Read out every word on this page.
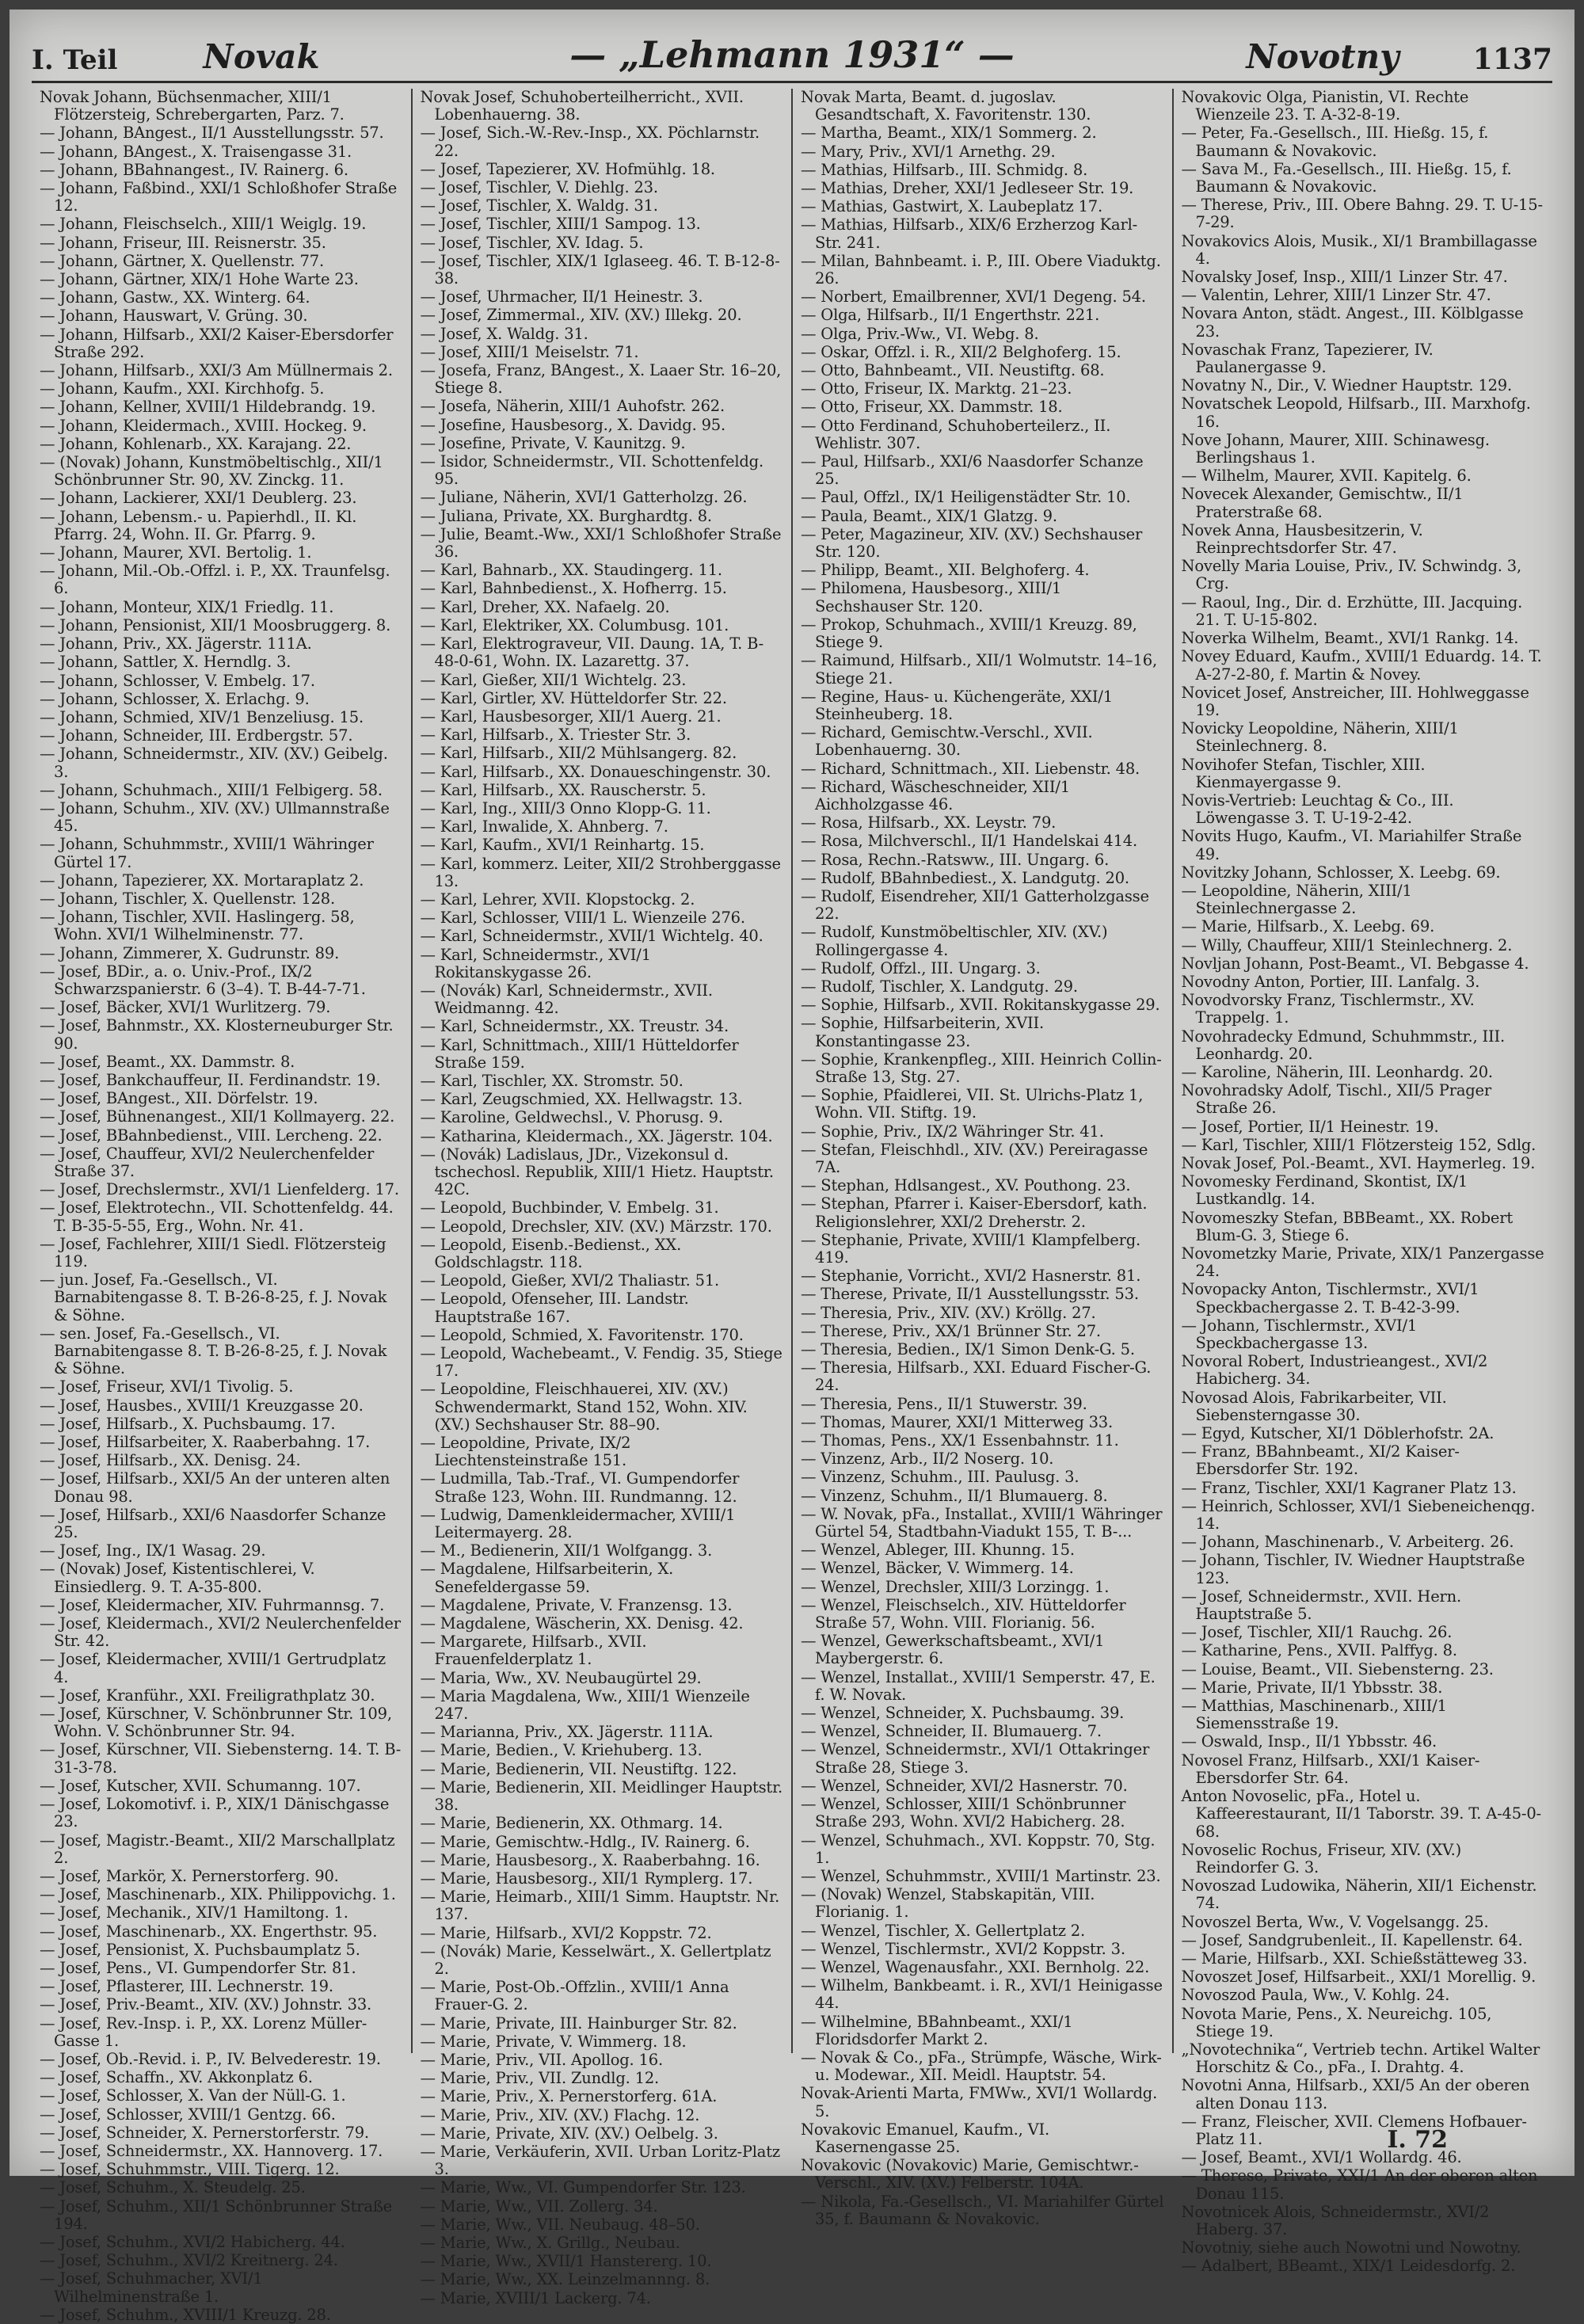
I. Teil	Novak	— „Lehmann 1931“ —	Novotny	1137
Novak Johann, Büchsenmacher, XIII/1 Flötzersteig, Schrebergarten, Parz. 7.
— Johann, BAngest., II/1 Ausstellungsstr. 57.
— Johann, BAngest., X. Traisengasse 31.
— Johann, BBahnangest., IV. Rainerg. 6.
— Johann, Faßbind., XXI/1 Schloßhofer Straße 12.
— Johann, Fleischselch., XIII/1 Weiglg. 19.
— Johann, Friseur, III. Reisnerstr. 35.
— Johann, Gärtner, X. Quellenstr. 77.
— Johann, Gärtner, XIX/1 Hohe Warte 23.
— Johann, Gastw., XX. Winterg. 64.
— Johann, Hauswart, V. Grüng. 30.
— Johann, Hilfsarb., XXI/2 Kaiser-Ebersdorfer Straße 292.
— Johann, Hilfsarb., XXI/3 Am Müllnermais 2.
— Johann, Kaufm., XXI. Kirchhofg. 5.
— Johann, Kellner, XVIII/1 Hildebrandg. 19.
— Johann, Kleidermach., XVIII. Hockeg. 9.
— Johann, Kohlenarb., XX. Karajang. 22.
— (Novak) Johann, Kunstmöbeltischlg., XII/1 Schönbrunner Str. 90, XV. Zinckg. 11.
— Johann, Lackierer, XXI/1 Deublerg. 23.
— Johann, Lebensm.- u. Papierhdl., II. Kl. Pfarrg. 24, Wohn. II. Gr. Pfarrg. 9.
— Johann, Maurer, XVI. Bertolig. 1.
— Johann, Mil.-Ob.-Offzl. i. P., XX. Traunfelsg. 6.
— Johann, Monteur, XIX/1 Friedlg. 11.
— Johann, Pensionist, XII/1 Moosbruggerg. 8.
— Johann, Priv., XX. Jägerstr. 111A.
— Johann, Sattler, X. Herndlg. 3.
— Johann, Schlosser, V. Embelg. 17.
— Johann, Schlosser, X. Erlachg. 9.
— Johann, Schmied, XIV/1 Benzeliusg. 15.
— Johann, Schneider, III. Erdbergstr. 57.
— Johann, Schneidermstr., XIV. (XV.) Geibelg. 3.
— Johann, Schuhmach., XIII/1 Felbigerg. 58.
— Johann, Schuhm., XIV. (XV.) Ullmannstraße 45.
— Johann, Schuhmmstr., XVIII/1 Währinger Gürtel 17.
— Johann, Tapezierer, XX. Mortaraplatz 2.
— Johann, Tischler, X. Quellenstr. 128.
— Johann, Tischler, XVII. Haslingerg. 58, Wohn. XVI/1 Wilhelminenstr. 77.
— Johann, Zimmerer, X. Gudrunstr. 89.
— Josef, BDir., a. o. Univ.-Prof., IX/2 Schwarzspanierstr. 6 (3–4). T. B-44-7-71.
— Josef, Bäcker, XVI/1 Wurlitzerg. 79.
— Josef, Bahnmstr., XX. Klosterneuburger Str. 90.
— Josef, Beamt., XX. Dammstr. 8.
— Josef, Bankchauffeur, II. Ferdinandstr. 19.
— Josef, BAngest., XII. Dörfelstr. 19.
— Josef, Bühnenangest., XII/1 Kollmayerg. 22.
— Josef, BBahnbedienst., VIII. Lercheng. 22.
— Josef, Chauffeur, XVI/2 Neulerchenfelder Straße 37.
— Josef, Drechslermstr., XVI/1 Lienfelderg. 17.
— Josef, Elektrotechn., VII. Schottenfeldg. 44. T. B-35-5-55, Erg., Wohn. Nr. 41.
— Josef, Fachlehrer, XIII/1 Siedl. Flötzersteig 119.
— jun. Josef, Fa.-Gesellsch., VI. Barnabitengasse 8. T. B-26-8-25, f. J. Novak & Söhne.
— sen. Josef, Fa.-Gesellsch., VI. Barnabitengasse 8. T. B-26-8-25, f. J. Novak & Söhne.
— Josef, Friseur, XVI/1 Tivolig. 5.
— Josef, Hausbes., XVIII/1 Kreuzgasse 20.
— Josef, Hilfsarb., X. Puchsbaumg. 17.
— Josef, Hilfsarbeiter, X. Raaberbahng. 17.
— Josef, Hilfsarb., XX. Denisg. 24.
— Josef, Hilfsarb., XXI/5 An der unteren alten Donau 98.
— Josef, Hilfsarb., XXI/6 Naasdorfer Schanze 25.
— Josef, Ing., IX/1 Wasag. 29.
— (Novak) Josef, Kistentischlerei, V. Einsiedlerg. 9. T. A-35-800.
— Josef, Kleidermacher, XIV. Fuhrmannsg. 7.
— Josef, Kleidermach., XVI/2 Neulerchenfelder Str. 42.
— Josef, Kleidermacher, XVIII/1 Gertrudplatz 4.
— Josef, Kranführ., XXI. Freiligrathplatz 30.
— Josef, Kürschner, V. Schönbrunner Str. 109, Wohn. V. Schönbrunner Str. 94.
— Josef, Kürschner, VII. Siebensterng. 14. T. B-31-3-78.
— Josef, Kutscher, XVII. Schumanng. 107.
— Josef, Lokomotivf. i. P., XIX/1 Dänischgasse 23.
— Josef, Magistr.-Beamt., XII/2 Marschallplatz 2.
— Josef, Markör, X. Pernerstorferg. 90.
— Josef, Maschinenarb., XIX. Philippovichg. 1.
— Josef, Mechanik., XIV/1 Hamiltong. 1.
— Josef, Maschinenarb., XX. Engerthstr. 95.
— Josef, Pensionist, X. Puchsbaumplatz 5.
— Josef, Pens., VI. Gumpendorfer Str. 81.
— Josef, Pflasterer, III. Lechnerstr. 19.
— Josef, Priv.-Beamt., XIV. (XV.) Johnstr. 33.
— Josef, Rev.-Insp. i. P., XX. Lorenz Müller-Gasse 1.
— Josef, Ob.-Revid. i. P., IV. Belvederestr. 19.
— Josef, Schaffn., XV. Akkonplatz 6.
— Josef, Schlosser, X. Van der Nüll-G. 1.
— Josef, Schlosser, XVIII/1 Gentzg. 66.
— Josef, Schneider, X. Pernerstorferstr. 79.
— Josef, Schneidermstr., XX. Hannoverg. 17.
— Josef, Schuhmmstr., VIII. Tigerg. 12.
— Josef, Schuhm., X. Steudelg. 25.
— Josef, Schuhm., XII/1 Schönbrunner Straße 194.
— Josef, Schuhm., XVI/2 Habicherg. 44.
— Josef, Schuhm., XVI/2 Kreitnerg. 24.
— Josef, Schuhmacher, XVI/1 Wilhelminenstraße 1.
— Josef, Schuhm., XVIII/1 Kreuzg. 28.
Novak Josef, Schuhoberteilherricht., XVII. Lobenhauerng. 38.
— Josef, Sich.-W.-Rev.-Insp., XX. Pöchlarnstr. 22.
— Josef, Tapezierer, XV. Hofmühlg. 18.
— Josef, Tischler, V. Diehlg. 23.
— Josef, Tischler, X. Waldg. 31.
— Josef, Tischler, XIII/1 Sampog. 13.
— Josef, Tischler, XV. Idag. 5.
— Josef, Tischler, XIX/1 Iglaseeg. 46. T. B-12-8-38.
— Josef, Uhrmacher, II/1 Heinestr. 3.
— Josef, Zimmermal., XIV. (XV.) Illekg. 20.
— Josef, X. Waldg. 31.
— Josef, XIII/1 Meiselstr. 71.
— Josefa, Franz, BAngest., X. Laaer Str. 16–20, Stiege 8.
— Josefa, Näherin, XIII/1 Auhofstr. 262.
— Josefine, Hausbesorg., X. Davidg. 95.
— Josefine, Private, V. Kaunitzg. 9.
— Isidor, Schneidermstr., VII. Schottenfeldg. 95.
— Juliane, Näherin, XVI/1 Gatterholzg. 26.
— Juliana, Private, XX. Burghardtg. 8.
— Julie, Beamt.-Ww., XXI/1 Schloßhofer Straße 36.
— Karl, Bahnarb., XX. Staudingerg. 11.
— Karl, Bahnbedienst., X. Hofherrg. 15.
— Karl, Dreher, XX. Nafaelg. 20.
— Karl, Elektriker, XX. Columbusg. 101.
— Karl, Elektrograveur, VII. Daung. 1A, T. B-48-0-61, Wohn. IX. Lazarettg. 37.
— Karl, Gießer, XII/1 Wichtelg. 23.
— Karl, Girtler, XV. Hütteldorfer Str. 22.
— Karl, Hausbesorger, XII/1 Auerg. 21.
— Karl, Hilfsarb., X. Triester Str. 3.
— Karl, Hilfsarb., XII/2 Mühlsangerg. 82.
— Karl, Hilfsarb., XX. Donaueschingenstr. 30.
— Karl, Hilfsarb., XX. Rauscherstr. 5.
— Karl, Ing., XIII/3 Onno Klopp-G. 11.
— Karl, Inwalide, X. Ahnberg. 7.
— Karl, Kaufm., XVI/1 Reinhartg. 15.
— Karl, kommerz. Leiter, XII/2 Strohberggasse 13.
— Karl, Lehrer, XVII. Klopstockg. 2.
— Karl, Schlosser, VIII/1 L. Wienzeile 276.
— Karl, Schneidermstr., XVII/1 Wichtelg. 40.
— Karl, Schneidermstr., XVI/1 Rokitanskygasse 26.
— (Novák) Karl, Schneidermstr., XVII. Weidmanng. 42.
— Karl, Schneidermstr., XX. Treustr. 34.
— Karl, Schnittmach., XIII/1 Hütteldorfer Straße 159.
— Karl, Tischler, XX. Stromstr. 50.
— Karl, Zeugschmied, XX. Hellwagstr. 13.
— Karoline, Geldwechsl., V. Phorusg. 9.
— Katharina, Kleidermach., XX. Jägerstr. 104.
— (Novák) Ladislaus, JDr., Vizekonsul d. tschechosl. Republik, XIII/1 Hietz. Hauptstr. 42C.
— Leopold, Buchbinder, V. Embelg. 31.
— Leopold, Drechsler, XIV. (XV.) Märzstr. 170.
— Leopold, Eisenb.-Bedienst., XX. Goldschlagstr. 118.
— Leopold, Gießer, XVI/2 Thaliastr. 51.
— Leopold, Ofenseher, III. Landstr. Hauptstraße 167.
— Leopold, Schmied, X. Favoritenstr. 170.
— Leopold, Wachebeamt., V. Fendig. 35, Stiege 17.
— Leopoldine, Fleischhauerei, XIV. (XV.) Schwendermarkt, Stand 152, Wohn. XIV. (XV.) Sechshauser Str. 88–90.
— Leopoldine, Private, IX/2 Liechtensteinstraße 151.
— Ludmilla, Tab.-Traf., VI. Gumpendorfer Straße 123, Wohn. III. Rundmanng. 12.
— Ludwig, Damenkleidermacher, XVIII/1 Leitermayerg. 28.
— M., Bedienerin, XII/1 Wolfgangg. 3.
— Magdalene, Hilfsarbeiterin, X. Senefeldergasse 59.
— Magdalene, Private, V. Franzensg. 13.
— Magdalene, Wäscherin, XX. Denisg. 42.
— Margarete, Hilfsarb., XVII. Frauenfelderplatz 1.
— Maria, Ww., XV. Neubaugürtel 29.
— Maria Magdalena, Ww., XIII/1 Wienzeile 247.
— Marianna, Priv., XX. Jägerstr. 111A.
— Marie, Bedien., V. Kriehuberg. 13.
— Marie, Bedienerin, VII. Neustiftg. 122.
— Marie, Bedienerin, XII. Meidlinger Hauptstr. 38.
— Marie, Bedienerin, XX. Othmarg. 14.
— Marie, Gemischtw.-Hdlg., IV. Rainerg. 6.
— Marie, Hausbesorg., X. Raaberbahng. 16.
— Marie, Hausbesorg., XII/1 Rymplerg. 17.
— Marie, Heimarb., XIII/1 Simm. Hauptstr. Nr. 137.
— Marie, Hilfsarb., XVI/2 Koppstr. 72.
— (Novák) Marie, Kesselwärt., X. Gellertplatz 2.
— Marie, Post-Ob.-Offzlin., XVIII/1 Anna Frauer-G. 2.
— Marie, Private, III. Hainburger Str. 82.
— Marie, Private, V. Wimmerg. 18.
— Marie, Priv., VII. Apollog. 16.
— Marie, Priv., VII. Zundlg. 12.
— Marie, Priv., X. Pernerstorferg. 61A.
— Marie, Priv., XIV. (XV.) Flachg. 12.
— Marie, Private, XIV. (XV.) Oelbelg. 3.
— Marie, Verkäuferin, XVII. Urban Loritz-Platz 3.
— Marie, Ww., VI. Gumpendorfer Str. 123.
— Marie, Ww., VII. Zollerg. 34.
— Marie, Ww., VII. Neubaug. 48–50.
— Marie, Ww., X. Grillg., Neubau.
— Marie, Ww., XVII/1 Hanstererg. 10.
— Marie, Ww., XX. Leinzelmannng. 8.
— Marie, XVIII/1 Lackerg. 74.
Novak Marta, Beamt. d. jugoslav. Gesandtschaft, X. Favoritenstr. 130.
— Martha, Beamt., XIX/1 Sommerg. 2.
— Mary, Priv., XVI/1 Arnethg. 29.
— Mathias, Hilfsarb., III. Schmidg. 8.
— Mathias, Dreher, XXI/1 Jedleseer Str. 19.
— Mathias, Gastwirt, X. Laubeplatz 17.
— Mathias, Hilfsarb., XIX/6 Erzherzog Karl-Str. 241.
— Milan, Bahnbeamt. i. P., III. Obere Viaduktg. 26.
— Norbert, Emailbrenner, XVI/1 Degeng. 54.
— Olga, Hilfsarb., II/1 Engerthstr. 221.
— Olga, Priv.-Ww., VI. Webg. 8.
— Oskar, Offzl. i. R., XII/2 Belghoferg. 15.
— Otto, Bahnbeamt., VII. Neustiftg. 68.
— Otto, Friseur, IX. Marktg. 21–23.
— Otto, Friseur, XX. Dammstr. 18.
— Otto Ferdinand, Schuhoberteilerz., II. Wehlistr. 307.
— Paul, Hilfsarb., XXI/6 Naasdorfer Schanze 25.
— Paul, Offzl., IX/1 Heiligenstädter Str. 10.
— Paula, Beamt., XIX/1 Glatzg. 9.
— Peter, Magazineur, XIV. (XV.) Sechshauser Str. 120.
— Philipp, Beamt., XII. Belghoferg. 4.
— Philomena, Hausbesorg., XIII/1 Sechshauser Str. 120.
— Prokop, Schuhmach., XVIII/1 Kreuzg. 89, Stiege 9.
— Raimund, Hilfsarb., XII/1 Wolmutstr. 14–16, Stiege 21.
— Regine, Haus- u. Küchengeräte, XXI/1 Steinheuberg. 18.
— Richard, Gemischtw.-Verschl., XVII. Lobenhauerng. 30.
— Richard, Schnittmach., XII. Liebenstr. 48.
— Richard, Wäscheschneider, XII/1 Aichholzgasse 46.
— Rosa, Hilfsarb., XX. Leystr. 79.
— Rosa, Milchverschl., II/1 Handelskai 414.
— Rosa, Rechn.-Ratsww., III. Ungarg. 6.
— Rudolf, BBahnbediest., X. Landgutg. 20.
— Rudolf, Eisendreher, XII/1 Gatterholzgasse 22.
— Rudolf, Kunstmöbeltischler, XIV. (XV.) Rollingergasse 4.
— Rudolf, Offzl., III. Ungarg. 3.
— Rudolf, Tischler, X. Landgutg. 29.
— Sophie, Hilfsarb., XVII. Rokitanskygasse 29.
— Sophie, Hilfsarbeiterin, XVII. Konstantingasse 23.
— Sophie, Krankenpfleg., XIII. Heinrich Collin-Straße 13, Stg. 27.
— Sophie, Pfaidlerei, VII. St. Ulrichs-Platz 1, Wohn. VII. Stiftg. 19.
— Sophie, Priv., IX/2 Währinger Str. 41.
— Stefan, Fleischhdl., XIV. (XV.) Pereiragasse 7A.
— Stephan, Hdlsangest., XV. Pouthong. 23.
— Stephan, Pfarrer i. Kaiser-Ebersdorf, kath. Religionslehrer, XXI/2 Dreherstr. 2.
— Stephanie, Private, XVIII/1 Klampfelberg. 419.
— Stephanie, Vorricht., XVI/2 Hasnerstr. 81.
— Therese, Private, II/1 Ausstellungsstr. 53.
— Theresia, Priv., XIV. (XV.) Kröllg. 27.
— Therese, Priv., XX/1 Brünner Str. 27.
— Theresia, Bedien., IX/1 Simon Denk-G. 5.
— Theresia, Hilfsarb., XXI. Eduard Fischer-G. 24.
— Theresia, Pens., II/1 Stuwerstr. 39.
— Thomas, Maurer, XXI/1 Mitterweg 33.
— Thomas, Pens., XX/1 Essenbahnstr. 11.
— Vinzenz, Arb., II/2 Noserg. 10.
— Vinzenz, Schuhm., III. Paulusg. 3.
— Vinzenz, Schuhm., II/1 Blumauerg. 8.
— W. Novak, pFa., Installat., XVIII/1 Währinger Gürtel 54, Stadtbahn-Viadukt 155, T. B-...
— Wenzel, Ableger, III. Khunng. 15.
— Wenzel, Bäcker, V. Wimmerg. 14.
— Wenzel, Drechsler, XIII/3 Lorzingg. 1.
— Wenzel, Fleischselch., XIV. Hütteldorfer Straße 57, Wohn. VIII. Florianig. 56.
— Wenzel, Gewerkschaftsbeamt., XVI/1 Maybergerstr. 6.
— Wenzel, Installat., XVIII/1 Semperstr. 47, E. f. W. Novak.
— Wenzel, Schneider, X. Puchsbaumg. 39.
— Wenzel, Schneider, II. Blumauerg. 7.
— Wenzel, Schneidermstr., XVI/1 Ottakringer Straße 28, Stiege 3.
— Wenzel, Schneider, XVI/2 Hasnerstr. 70.
— Wenzel, Schlosser, XIII/1 Schönbrunner Straße 293, Wohn. XVI/2 Habicherg. 28.
— Wenzel, Schuhmach., XVI. Koppstr. 70, Stg. 1.
— Wenzel, Schuhmmstr., XVIII/1 Martinstr. 23.
— (Novak) Wenzel, Stabskapitän, VIII. Florianig. 1.
— Wenzel, Tischler, X. Gellertplatz 2.
— Wenzel, Tischlermstr., XVI/2 Koppstr. 3.
— Wenzel, Wagenausfahr., XXI. Bernholg. 22.
— Wilhelm, Bankbeamt. i. R., XVI/1 Heinigasse 44.
— Wilhelmine, BBahnbeamt., XXI/1 Floridsdorfer Markt 2.
— Novak & Co., pFa., Strümpfe, Wäsche, Wirk- u. Modewar., XII. Meidl. Hauptstr. 54.
Novak-Arienti Marta, FMWw., XVI/1 Wollardg. 5.
Novakovic Emanuel, Kaufm., VI. Kasernengasse 25.
Novakovic (Novakovic) Marie, Gemischtwr.-Verschl., XIV. (XV.) Felberstr. 104A.
— Nikola, Fa.-Gesellsch., VI. Mariahilfer Gürtel 35, f. Baumann & Novakovic.
Novakovic Olga, Pianistin, VI. Rechte Wienzeile 23. T. A-32-8-19.
— Peter, Fa.-Gesellsch., III. Hießg. 15, f. Baumann & Novakovic.
— Sava M., Fa.-Gesellsch., III. Hießg. 15, f. Baumann & Novakovic.
— Therese, Priv., III. Obere Bahng. 29. T. U-15-7-29.
Novakovics Alois, Musik., XI/1 Brambillagasse 4.
Novalsky Josef, Insp., XIII/1 Linzer Str. 47.
— Valentin, Lehrer, XIII/1 Linzer Str. 47.
Novara Anton, städt. Angest., III. Kölblgasse 23.
Novaschak Franz, Tapezierer, IV. Paulanergasse 9.
Novatny N., Dir., V. Wiedner Hauptstr. 129.
Novatschek Leopold, Hilfsarb., III. Marxhofg. 16.
Nove Johann, Maurer, XIII. Schinawesg. Berlingshaus 1.
— Wilhelm, Maurer, XVII. Kapitelg. 6.
Novecek Alexander, Gemischtw., II/1 Praterstraße 68.
Novek Anna, Hausbesitzerin, V. Reinprechtsdorfer Str. 47.
Novelly Maria Louise, Priv., IV. Schwindg. 3, Crg.
— Raoul, Ing., Dir. d. Erzhütte, III. Jacquing. 21. T. U-15-802.
Noverka Wilhelm, Beamt., XVI/1 Rankg. 14.
Novey Eduard, Kaufm., XVIII/1 Eduardg. 14. T. A-27-2-80, f. Martin & Novey.
Novicet Josef, Anstreicher, III. Hohlweggasse 19.
Novicky Leopoldine, Näherin, XIII/1 Steinlechnerg. 8.
Novihofer Stefan, Tischler, XIII. Kienmayergasse 9.
Novis-Vertrieb: Leuchtag & Co., III. Löwengasse 3. T. U-19-2-42.
Novits Hugo, Kaufm., VI. Mariahilfer Straße 49.
Novitzky Johann, Schlosser, X. Leebg. 69.
— Leopoldine, Näherin, XIII/1 Steinlechnergasse 2.
— Marie, Hilfsarb., X. Leebg. 69.
— Willy, Chauffeur, XIII/1 Steinlechnerg. 2.
Novljan Johann, Post-Beamt., VI. Bebgasse 4.
Novodny Anton, Portier, III. Lanfalg. 3.
Novodvorsky Franz, Tischlermstr., XV. Trappelg. 1.
Novohradecky Edmund, Schuhmmstr., III. Leonhardg. 20.
— Karoline, Näherin, III. Leonhardg. 20.
Novohradsky Adolf, Tischl., XII/5 Prager Straße 26.
— Josef, Portier, II/1 Heinestr. 19.
— Karl, Tischler, XIII/1 Flötzersteig 152, Sdlg.
Novak Josef, Pol.-Beamt., XVI. Haymerleg. 19.
Novomesky Ferdinand, Skontist, IX/1 Lustkandlg. 14.
Novomeszky Stefan, BBBeamt., XX. Robert Blum-G. 3, Stiege 6.
Novometzky Marie, Private, XIX/1 Panzergasse 24.
Novopacky Anton, Tischlermstr., XVI/1 Speckbachergasse 2. T. B-42-3-99.
— Johann, Tischlermstr., XVI/1 Speckbachergasse 13.
Novoral Robert, Industrieangest., XVI/2 Habicherg. 34.
Novosad Alois, Fabrikarbeiter, VII. Siebensterngasse 30.
— Egyd, Kutscher, XI/1 Döblerhofstr. 2A.
— Franz, BBahnbeamt., XI/2 Kaiser-Ebersdorfer Str. 192.
— Franz, Tischler, XXI/1 Kagraner Platz 13.
— Heinrich, Schlosser, XVI/1 Siebeneichenqg. 14.
— Johann, Maschinenarb., V. Arbeiterg. 26.
— Johann, Tischler, IV. Wiedner Hauptstraße 123.
— Josef, Schneidermstr., XVII. Hern. Hauptstraße 5.
— Josef, Tischler, XII/1 Rauchg. 26.
— Katharine, Pens., XVII. Palffyg. 8.
— Louise, Beamt., VII. Siebensterng. 23.
— Marie, Private, II/1 Ybbsstr. 38.
— Matthias, Maschinenarb., XIII/1 Siemensstraße 19.
— Oswald, Insp., II/1 Ybbsstr. 46.
Novosel Franz, Hilfsarb., XXI/1 Kaiser-Ebersdorfer Str. 64.
Anton Novoselic, pFa., Hotel u. Kaffeerestaurant, II/1 Taborstr. 39. T. A-45-0-68.
Novoselic Rochus, Friseur, XIV. (XV.) Reindorfer G. 3.
Novoszad Ludowika, Näherin, XII/1 Eichenstr. 74.
Novoszel Berta, Ww., V. Vogelsangg. 25.
— Josef, Sandgrubenleit., II. Kapellenstr. 64.
— Marie, Hilfsarb., XXI. Schießstätteweg 33.
Novoszet Josef, Hilfsarbeit., XXI/1 Morellig. 9.
Novoszod Paula, Ww., V. Kohlg. 24.
Novota Marie, Pens., X. Neureichg. 105, Stiege 19.
„Novotechnika“, Vertrieb techn. Artikel Walter Horschitz & Co., pFa., I. Drahtg. 4.
Novotni Anna, Hilfsarb., XXI/5 An der oberen alten Donau 113.
— Franz, Fleischer, XVII. Clemens Hofbauer-Platz 11.
— Josef, Beamt., XVI/1 Wollardg. 46.
— Therese, Private, XXI/1 An der oberen alten Donau 115.
Novotnicek Alois, Schneidermstr., XVI/2 Haberg. 37.
Novotniy, siehe auch Nowotni und Nowotny.
— Adalbert, BBeamt., XIX/1 Leidesdorfg. 2.
I. 72
